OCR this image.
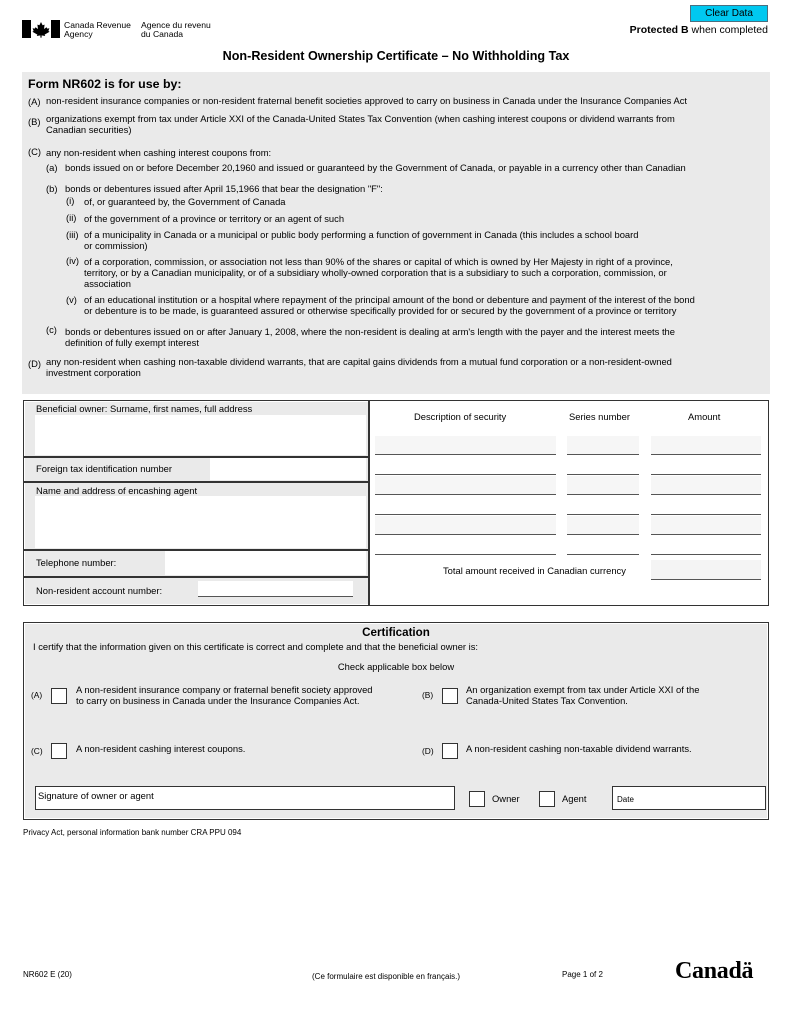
Canada Revenue
Agency
Agence du revenu
du Canada
Clear Data
Protected B when completed
Non-Resident Ownership Certificate – No Withholding Tax
Form NR602 is for use by:
(A) non-resident insurance companies or non-resident fraternal benefit societies approved to carry on business in Canada under the Insurance Companies Act
(B) organizations exempt from tax under Article XXI of the Canada-United States Tax Convention (when cashing interest coupons or dividend warrants from
Canadian securities)
(C) any non-resident when cashing interest coupons from:
(a) bonds issued on or before December 20,1960 and issued or guaranteed by the Government of Canada, or payable in a currency other than Canadian
(b) bonds or debentures issued after April 15,1966 that bear the designation "F":
(i) of, or guaranteed by, the Government of Canada
(ii) of the government of a province or territory or an agent of such
(iii) of a municipality in Canada or a municipal or public body performing a function of government in Canada (this includes a school board
or commission)
(iv) of a corporation, commission, or association not less than 90% of the shares or capital of which is owned by Her Majesty in right of a province,
territory, or by a Canadian municipality, or of a subsidiary wholly-owned corporation that is a subsidiary to such a corporation, commission, or
association
(v) of an educational institution or a hospital where repayment of the principal amount of the bond or debenture and payment of the interest of the bond
or debenture is to be made, is guaranteed assured or otherwise specifically provided for or secured by the government of a province or territory
(c) bonds or debentures issued on or after January 1, 2008, where the non-resident is dealing at arm's length with the payer and the interest meets the
definition of fully exempt interest
(D) any non-resident when cashing non-taxable dividend warrants, that are capital gains dividends from a mutual fund corporation or a non-resident-owned
investment corporation
Beneficial owner: Surname, first names, full address
Foreign tax identification number
Name and address of encashing agent
Telephone number:
Non-resident account number:
Description of security	Series number	Amount
Total amount received in Canadian currency
Certification
I certify that the information given on this certificate is correct and complete and that the beneficial owner is:
Check applicable box below
(A)	A non-resident insurance company or fraternal benefit society approved
to carry on business in Canada under the Insurance Companies Act.	(B)	An organization exempt from tax under Article XXI of the
Canada-United States Tax Convention.
(C)	A non-resident cashing interest coupons.	(D)	A non-resident cashing non-taxable dividend warrants.
Signature of owner or agent	Owner	Agent	Date
Privacy Act, personal information bank number CRA PPU 094
NR602 E (20)	(Ce formulaire est disponible en français.)	Page 1 of 2	Canadä
